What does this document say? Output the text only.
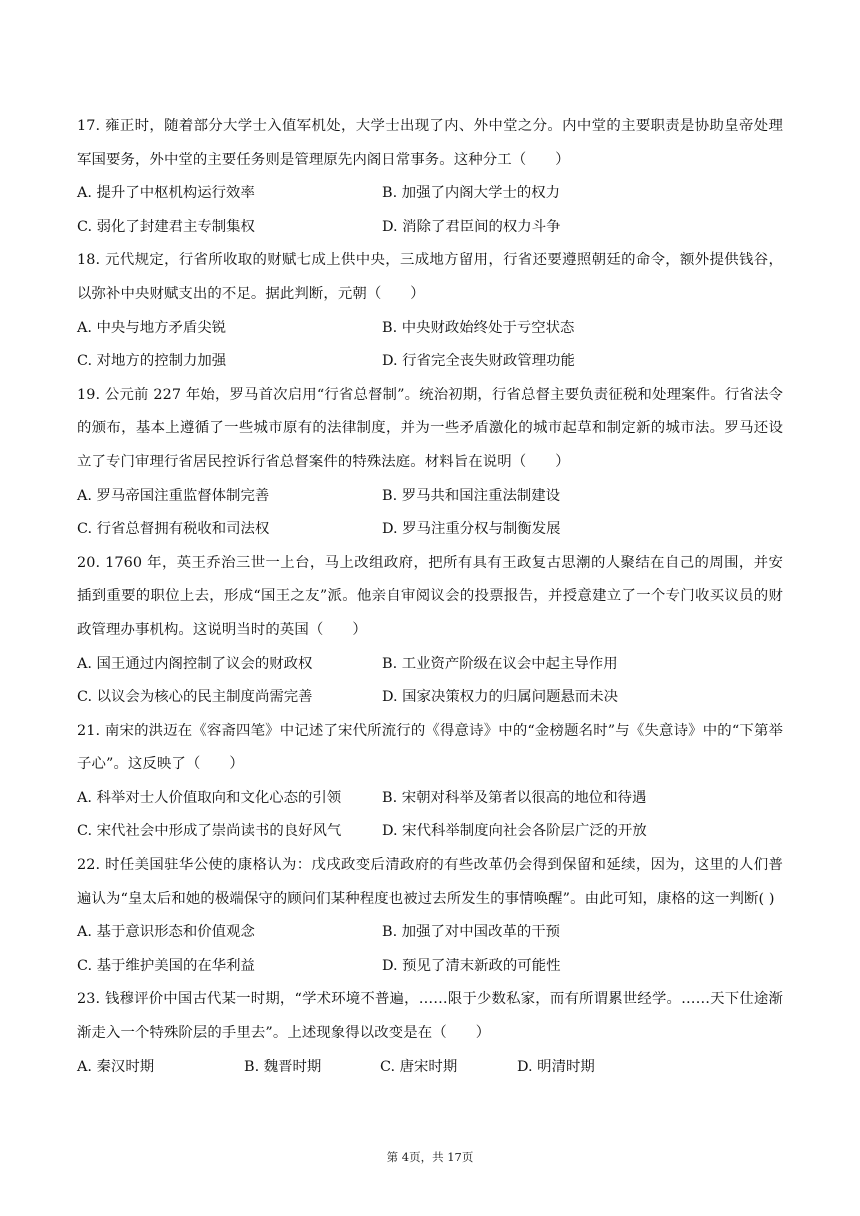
17. 雍正时，随着部分大学士入值军机处，大学士出现了内、外中堂之分。内中堂的主要职责是协助皇帝处理军国要务，外中堂的主要任务则是管理原先内阁日常事务。这种分工（　　）

A. 提升了中枢机构运行效率	B. 加强了内阁大学士的权力
C. 弱化了封建君主专制集权	D. 消除了君臣间的权力斗争

18. 元代规定，行省所收取的财赋七成上供中央，三成地方留用，行省还要遵照朝廷的命令，额外提供钱谷，以弥补中央财赋支出的不足。据此判断，元朝（　　）

A. 中央与地方矛盾尖锐	B. 中央财政始终处于亏空状态
C. 对地方的控制力加强	D. 行省完全丧失财政管理功能

19. 公元前 227 年始，罗马首次启用“行省总督制”。统治初期，行省总督主要负责征税和处理案件。行省法令的颁布，基本上遵循了一些城市原有的法律制度，并为一些矛盾激化的城市起草和制定新的城市法。罗马还设立了专门审理行省居民控诉行省总督案件的特殊法庭。材料旨在说明（　　）

A. 罗马帝国注重监督体制完善	B. 罗马共和国注重法制建设
C. 行省总督拥有税收和司法权	D. 罗马注重分权与制衡发展

20. 1760 年，英王乔治三世一上台，马上改组政府，把所有具有王政复古思潮的人聚结在自己的周围，并安插到重要的职位上去，形成“国王之友”派。他亲自审阅议会的投票报告，并授意建立了一个专门收买议员的财政管理办事机构。这说明当时的英国（　　）

A. 国王通过内阁控制了议会的财政权	B. 工业资产阶级在议会中起主导作用
C. 以议会为核心的民主制度尚需完善	D. 国家决策权力的归属问题悬而未决

21. 南宋的洪迈在《容斋四笔》中记述了宋代所流行的《得意诗》中的“金榜题名时”与《失意诗》中的“下第举子心”。这反映了（　　）

A. 科举对士人价值取向和文化心态的引领	B. 宋朝对科举及第者以很高的地位和待遇
C. 宋代社会中形成了崇尚读书的良好风气	D. 宋代科举制度向社会各阶层广泛的开放

22. 时任美国驻华公使的康格认为：戊戌政变后清政府的有些改革仍会得到保留和延续，因为，这里的人们普遍认为“皇太后和她的极端保守的顾问们某种程度也被过去所发生的事情唤醒”。由此可知，康格的这一判断( )

A. 基于意识形态和价值观念	B. 加强了对中国改革的干预
C. 基于维护美国的在华利益	D. 预见了清末新政的可能性

23. 钱穆评价中国古代某一时期，“学术环境不普遍，……限于少数私家，而有所谓累世经学。……天下仕途渐渐走入一个特殊阶层的手里去”。上述现象得以改变是在（　　）

A. 秦汉时期	B. 魏晋时期	C. 唐宋时期	D. 明清时期
第 4页，共 17页
